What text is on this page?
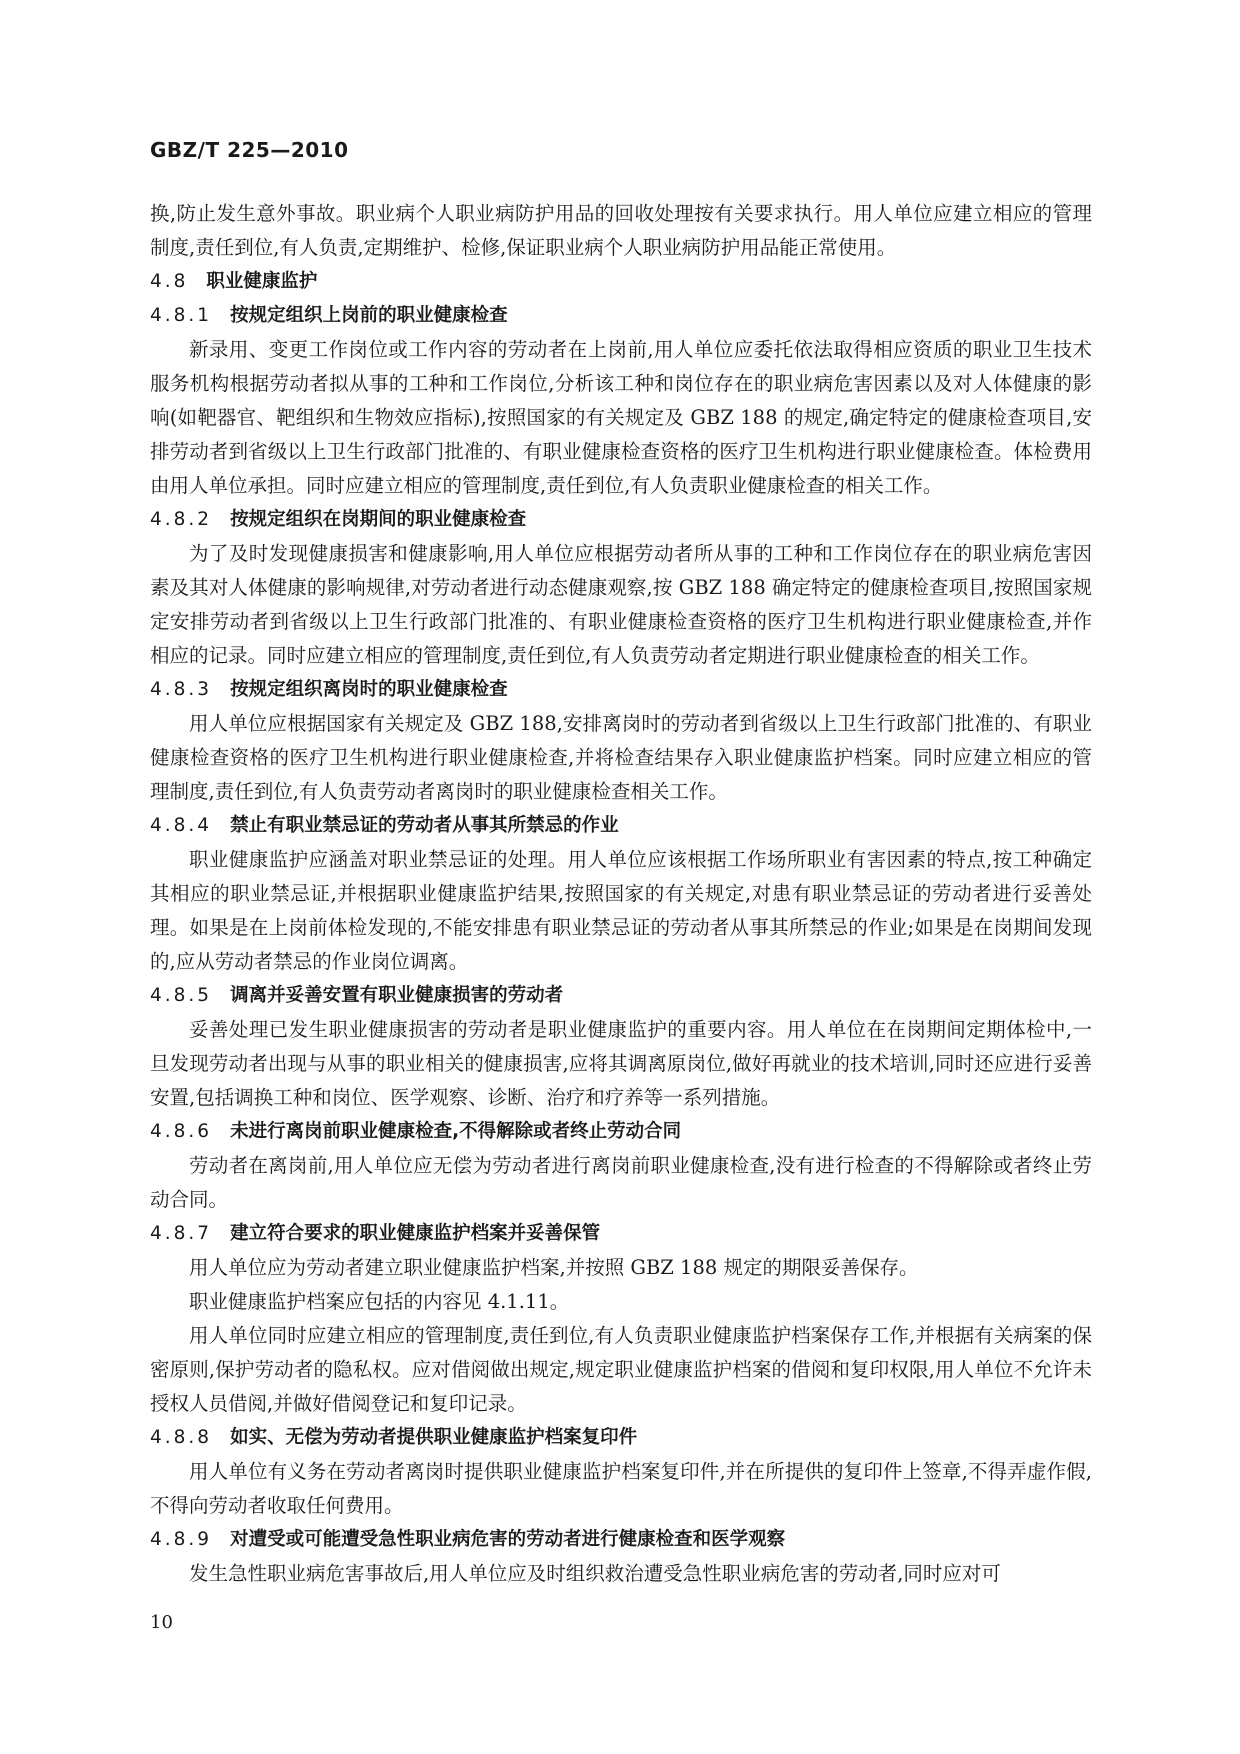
GBZ/T 225—2010

换,防止发生意外事故。职业病个人职业病防护用品的回收处理按有关要求执行。用人单位应建立相应的管理制度,责任到位,有人负责,定期维护、检修,保证职业病个人职业病防护用品能正常使用。

4.8 职业健康监护

4.8.1 按规定组织上岗前的职业健康检查

新录用、变更工作岗位或工作内容的劳动者在上岗前,用人单位应委托依法取得相应资质的职业卫生技术服务机构根据劳动者拟从事的工种和工作岗位,分析该工种和岗位存在的职业病危害因素以及对人体健康的影响(如靶器官、靶组织和生物效应指标),按照国家的有关规定及 GBZ 188 的规定,确定特定的健康检查项目,安排劳动者到省级以上卫生行政部门批准的、有职业健康检查资格的医疗卫生机构进行职业健康检查。体检费用由用人单位承担。同时应建立相应的管理制度,责任到位,有人负责职业健康检查的相关工作。

4.8.2 按规定组织在岗期间的职业健康检查

为了及时发现健康损害和健康影响,用人单位应根据劳动者所从事的工种和工作岗位存在的职业病危害因素及其对人体健康的影响规律,对劳动者进行动态健康观察,按 GBZ 188 确定特定的健康检查项目,按照国家规定安排劳动者到省级以上卫生行政部门批准的、有职业健康检查资格的医疗卫生机构进行职业健康检查,并作相应的记录。同时应建立相应的管理制度,责任到位,有人负责劳动者定期进行职业健康检查的相关工作。

4.8.3 按规定组织离岗时的职业健康检查

用人单位应根据国家有关规定及 GBZ 188,安排离岗时的劳动者到省级以上卫生行政部门批准的、有职业健康检查资格的医疗卫生机构进行职业健康检查,并将检查结果存入职业健康监护档案。同时应建立相应的管理制度,责任到位,有人负责劳动者离岗时的职业健康检查相关工作。

4.8.4 禁止有职业禁忌证的劳动者从事其所禁忌的作业

职业健康监护应涵盖对职业禁忌证的处理。用人单位应该根据工作场所职业有害因素的特点,按工种确定其相应的职业禁忌证,并根据职业健康监护结果,按照国家的有关规定,对患有职业禁忌证的劳动者进行妥善处理。如果是在上岗前体检发现的,不能安排患有职业禁忌证的劳动者从事其所禁忌的作业;如果是在岗期间发现的,应从劳动者禁忌的作业岗位调离。

4.8.5 调离并妥善安置有职业健康损害的劳动者

妥善处理已发生职业健康损害的劳动者是职业健康监护的重要内容。用人单位在在岗期间定期体检中,一旦发现劳动者出现与从事的职业相关的健康损害,应将其调离原岗位,做好再就业的技术培训,同时还应进行妥善安置,包括调换工种和岗位、医学观察、诊断、治疗和疗养等一系列措施。

4.8.6 未进行离岗前职业健康检查,不得解除或者终止劳动合同

劳动者在离岗前,用人单位应无偿为劳动者进行离岗前职业健康检查,没有进行检查的不得解除或者终止劳动合同。

4.8.7 建立符合要求的职业健康监护档案并妥善保管

用人单位应为劳动者建立职业健康监护档案,并按照 GBZ 188 规定的期限妥善保存。

职业健康监护档案应包括的内容见 4.1.11。

用人单位同时应建立相应的管理制度,责任到位,有人负责职业健康监护档案保存工作,并根据有关病案的保密原则,保护劳动者的隐私权。应对借阅做出规定,规定职业健康监护档案的借阅和复印权限,用人单位不允许未授权人员借阅,并做好借阅登记和复印记录。

4.8.8 如实、无偿为劳动者提供职业健康监护档案复印件

用人单位有义务在劳动者离岗时提供职业健康监护档案复印件,并在所提供的复印件上签章,不得弄虚作假,不得向劳动者收取任何费用。

4.8.9 对遭受或可能遭受急性职业病危害的劳动者进行健康检查和医学观察

发生急性职业病危害事故后,用人单位应及时组织救治遭受急性职业病危害的劳动者,同时应对可

10
